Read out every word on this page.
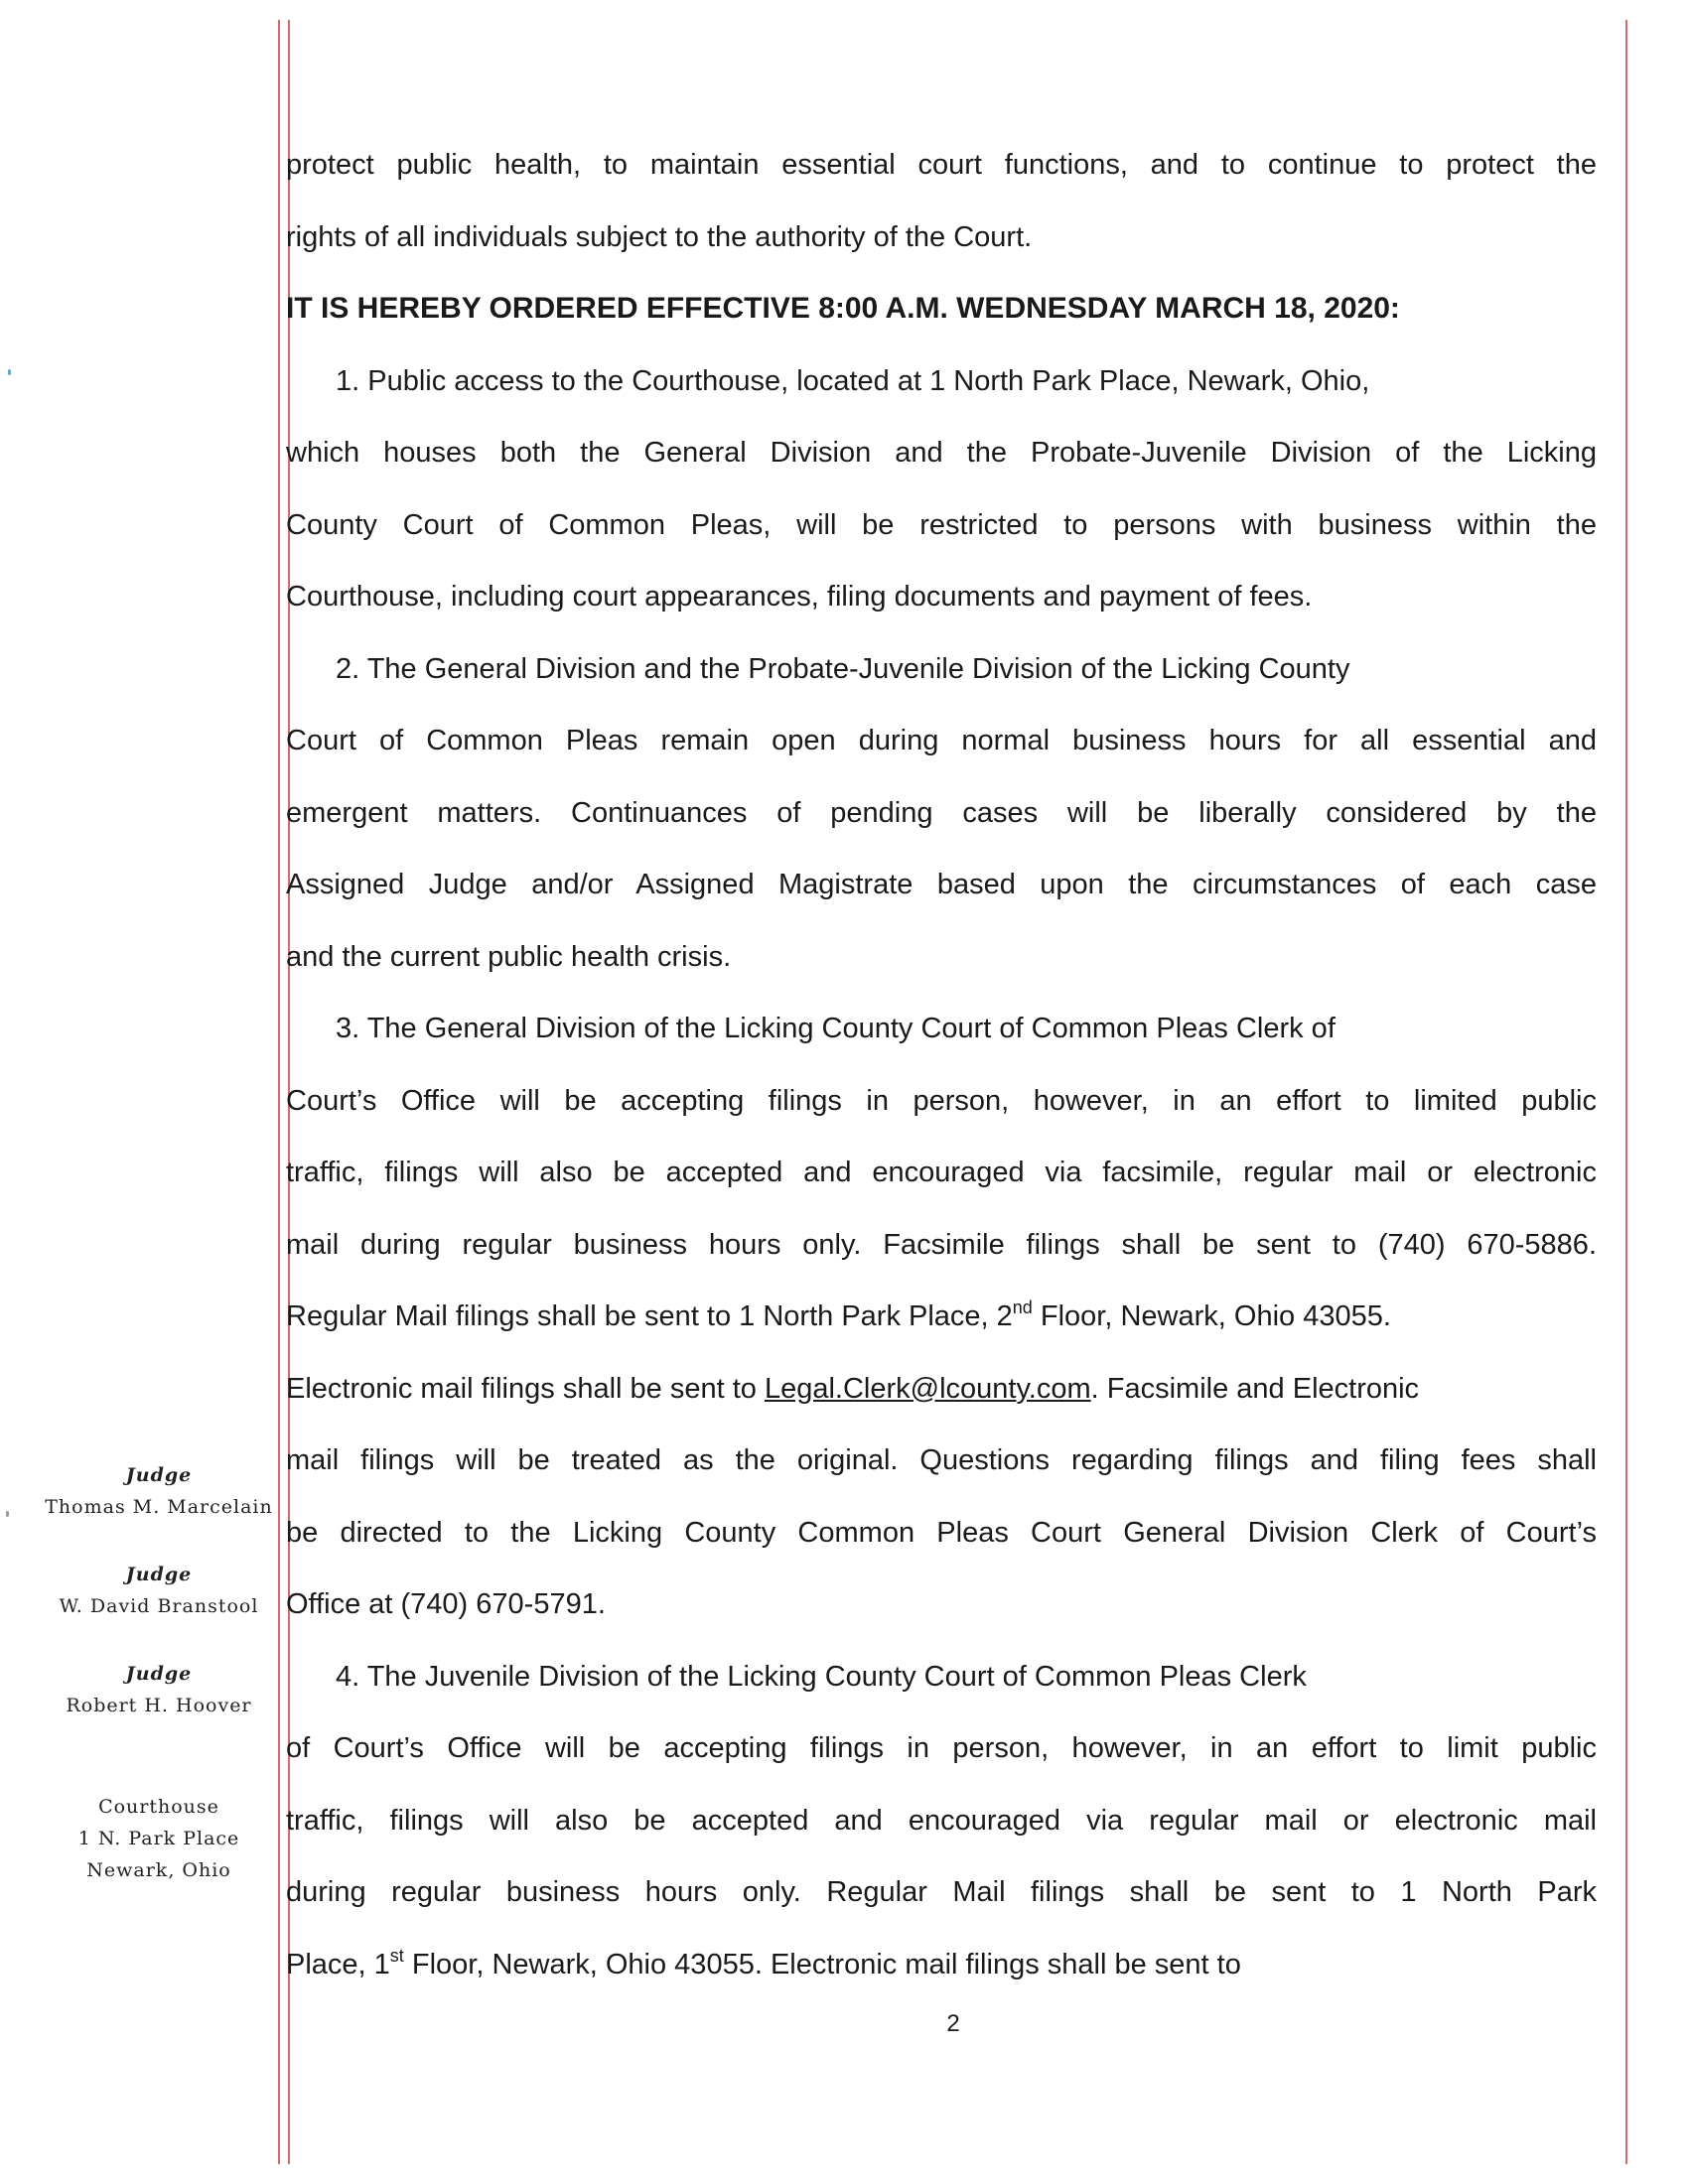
protect public health, to maintain essential court functions, and to continue to protect the
rights of all individuals subject to the authority of the Court.
IT IS HEREBY ORDERED EFFECTIVE 8:00 A.M. WEDNESDAY MARCH 18, 2020:
1. Public access to the Courthouse, located at 1 North Park Place, Newark, Ohio,
which houses both the General Division and the Probate-Juvenile Division of the Licking
County Court of Common Pleas, will be restricted to persons with business within the
Courthouse, including court appearances, filing documents and payment of fees.
2. The General Division and the Probate-Juvenile Division of the Licking County
Court of Common Pleas remain open during normal business hours for all essential and
emergent matters. Continuances of pending cases will be liberally considered by the
Assigned Judge and/or Assigned Magistrate based upon the circumstances of each case
and the current public health crisis.
3. The General Division of the Licking County Court of Common Pleas Clerk of
Court’s Office will be accepting filings in person, however, in an effort to limited public
traffic, filings will also be accepted and encouraged via facsimile, regular mail or electronic
mail during regular business hours only. Facsimile filings shall be sent to (740) 670-5886.
Regular Mail filings shall be sent to 1 North Park Place, 2nd Floor, Newark, Ohio 43055.
Electronic mail filings shall be sent to Legal.Clerk@lcounty.com. Facsimile and Electronic
mail filings will be treated as the original. Questions regarding filings and filing fees shall
be directed to the Licking County Common Pleas Court General Division Clerk of Court’s
Office at (740) 670-5791.
4. The Juvenile Division of the Licking County Court of Common Pleas Clerk
of Court’s Office will be accepting filings in person, however, in an effort to limit public
traffic, filings will also be accepted and encouraged via regular mail or electronic mail
during regular business hours only. Regular Mail filings shall be sent to 1 North Park
Place, 1st Floor, Newark, Ohio 43055. Electronic mail filings shall be sent to
2
Judge
Thomas M. Marcelain
Judge
W. David Branstool
Judge
Robert H. Hoover
Courthouse
1 N. Park Place
Newark, Ohio
